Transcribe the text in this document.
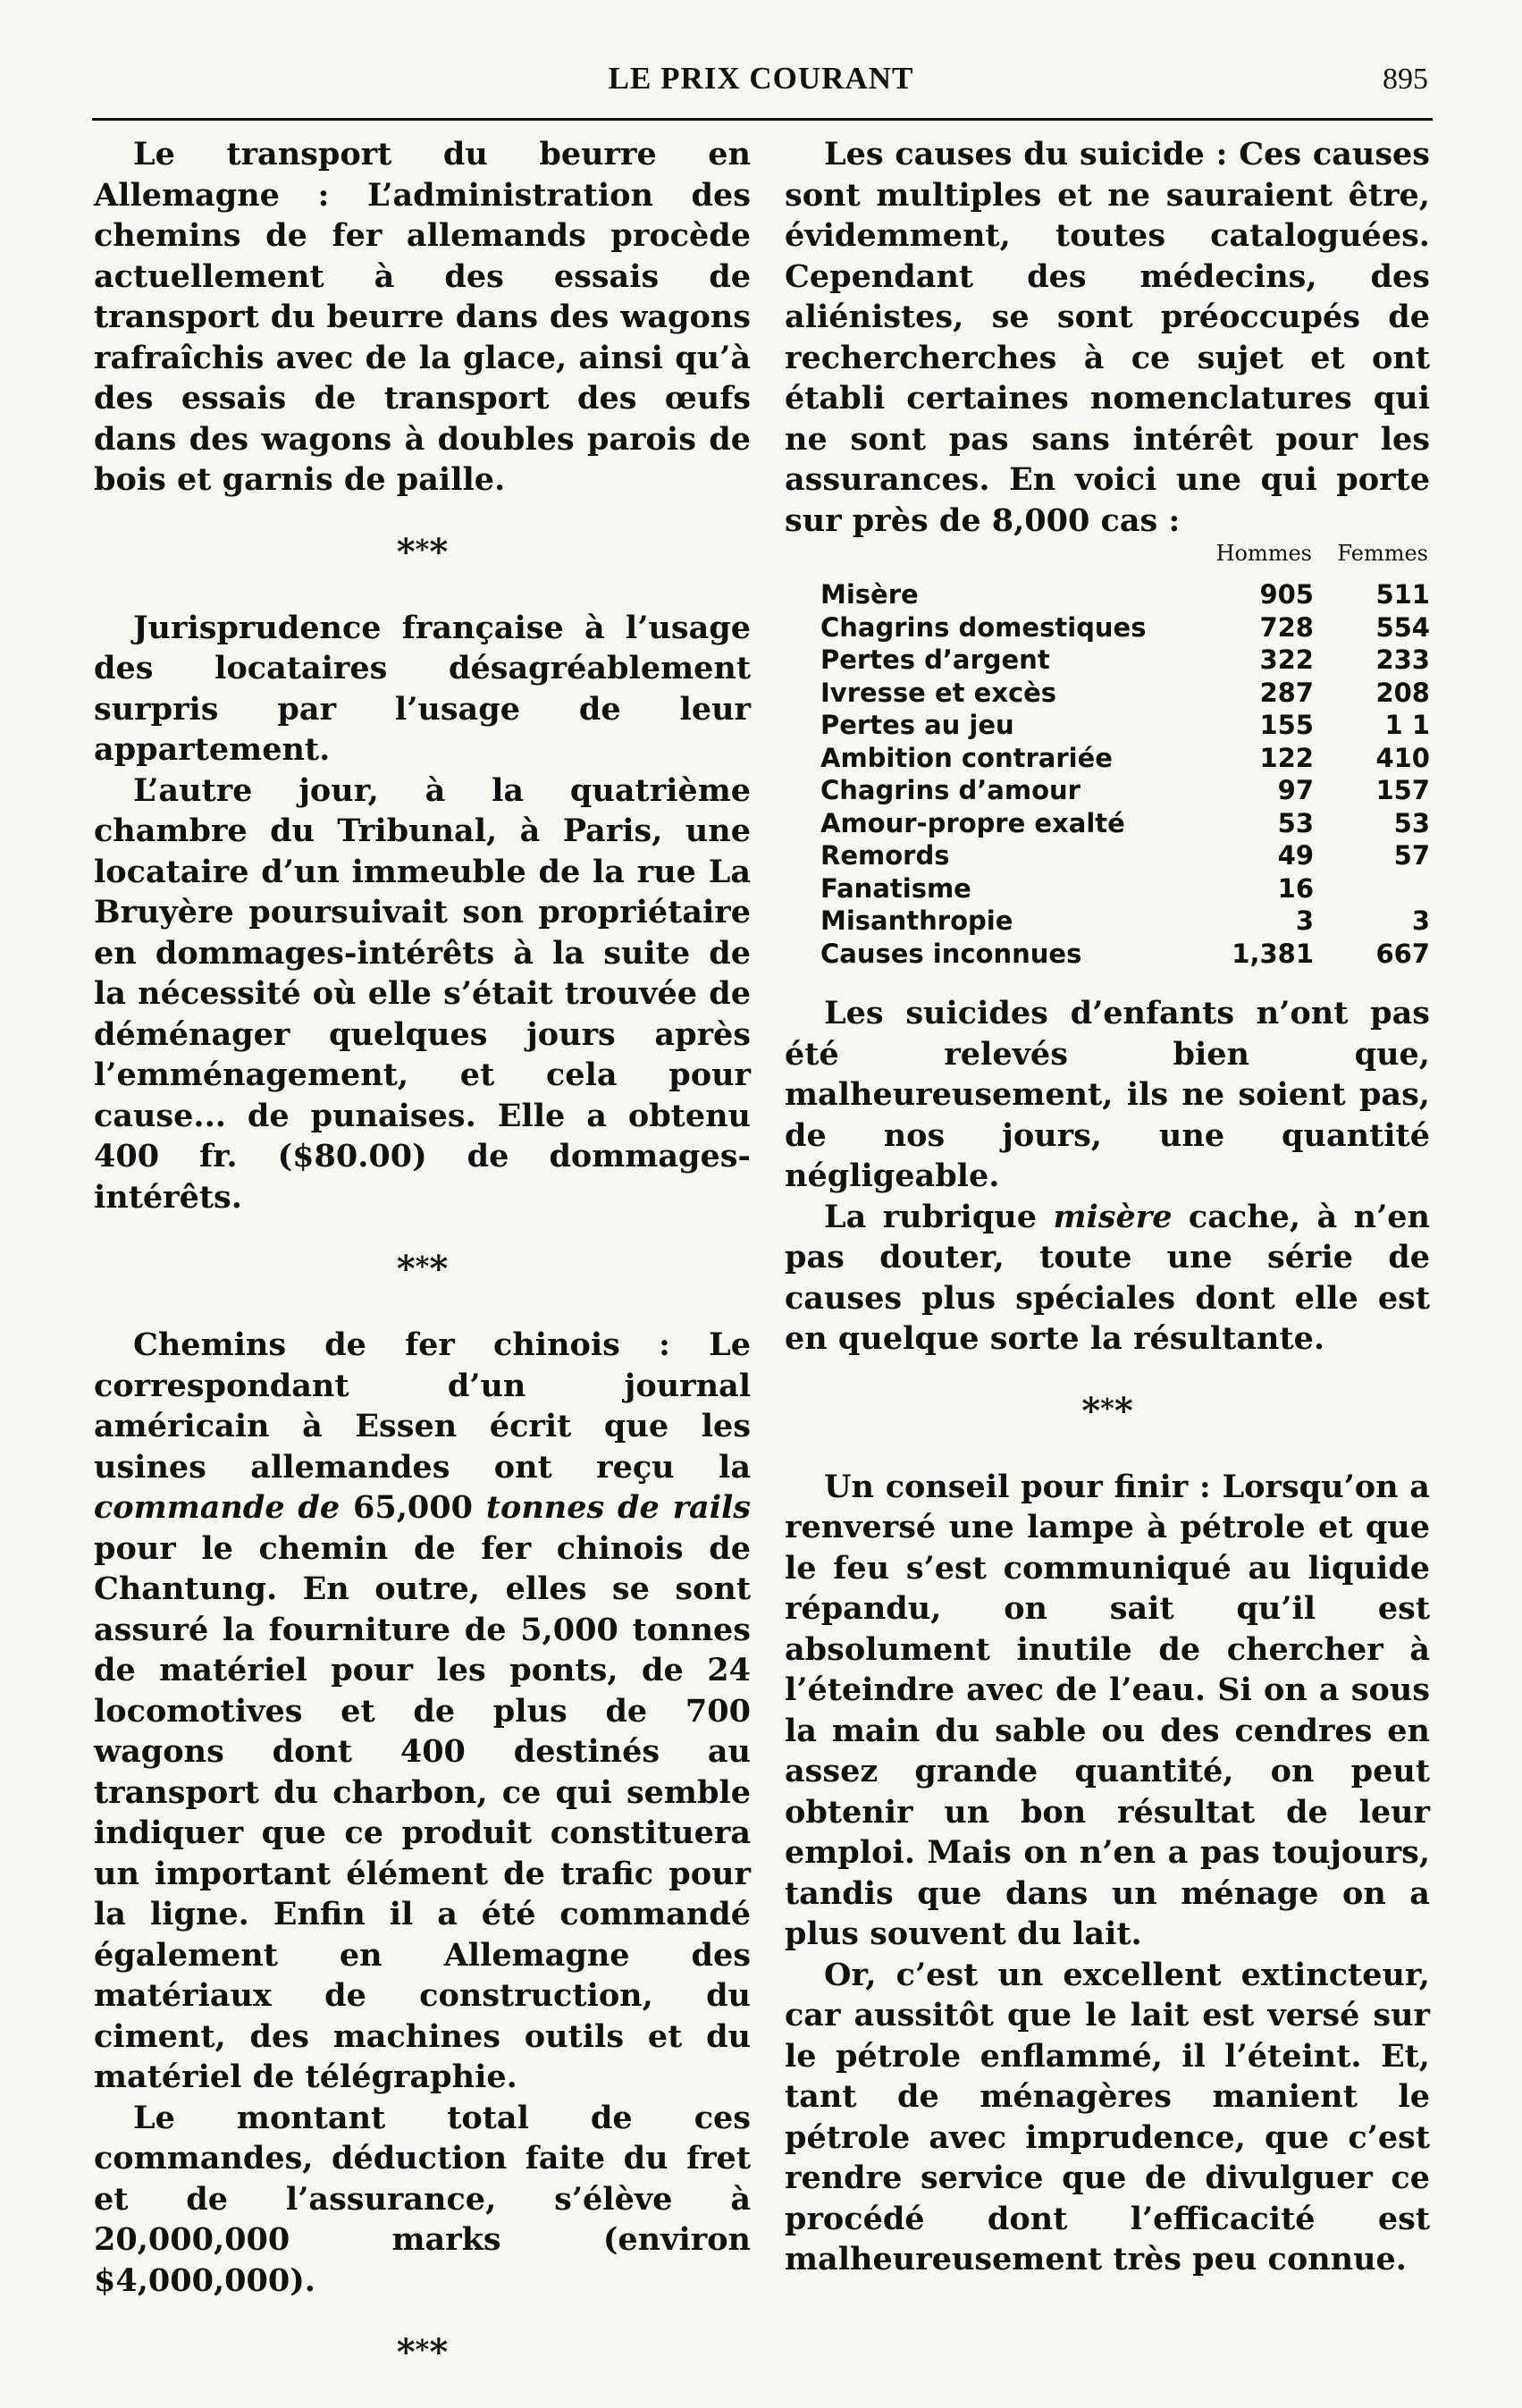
LE PRIX COURANT	895

Le transport du beurre en Allemagne : L’administration des chemins de fer allemands procède actuellement à des essais de transport du beurre dans des wagons rafraîchis avec de la glace, ainsi qu’à des essais de transport des œufs dans des wagons à doubles parois de bois et garnis de paille.

***

Jurisprudence française à l’usage des locataires désagréablement surpris par l’usage de leur appartement.

L’autre jour, à la quatrième chambre du Tribunal, à Paris, une locataire d’un immeuble de la rue La Bruyère poursuivait son propriétaire en dommages-intérêts à la suite de la nécessité où elle s’était trouvée de déménager quelques jours après l’emménagement, et cela pour cause... de punaises. Elle a obtenu 400 fr. ($80.00) de dommages-intérêts.

***

Chemins de fer chinois : Le correspondant d’un journal américain à Essen écrit que les usines allemandes ont reçu la commande de 65,000 tonnes de rails pour le chemin de fer chinois de Chantung. En outre, elles se sont assuré la fourniture de 5,000 tonnes de matériel pour les ponts, de 24 locomotives et de plus de 700 wagons dont 400 destinés au transport du charbon, ce qui semble indiquer que ce produit constituera un important élément de trafic pour la ligne. Enfin il a été commandé également en Allemagne des matériaux de construction, du ciment, des machines outils et du matériel de télégraphie.

Le montant total de ces commandes, déduction faite du fret et de l’assurance, s’élève à 20,000,000 marks (environ $4,000,000).

***

Les causes du suicide : Ces causes sont multiples et ne sauraient être, évidemment, toutes cataloguées. Cependant des médecins, des aliénistes, se sont préoccupés de rechercherches à ce sujet et ont établi certaines nomenclatures qui ne sont pas sans intérêt pour les assurances. En voici une qui porte sur près de 8,000 cas :

	Hommes	Femmes
Misère	905	511
Chagrins domestiques	728	554
Pertes d’argent	322	233
Ivresse et excès	287	208
Pertes au jeu	155	1 1
Ambition contrariée	122	410
Chagrins d’amour	97	157
Amour-propre exalté	53	53
Remords	49	57
Fanatisme	16	
Misanthropie	3	3
Causes inconnues	1,381	667

Les suicides d’enfants n’ont pas été relevés bien que, malheureusement, ils ne soient pas, de nos jours, une quantité négligeable.

La rubrique misère cache, à n’en pas douter, toute une série de causes plus spéciales dont elle est en quelque sorte la résultante.

***

Un conseil pour finir : Lorsqu’on a renversé une lampe à pétrole et que le feu s’est communiqué au liquide répandu, on sait qu’il est absolument inutile de chercher à l’éteindre avec de l’eau. Si on a sous la main du sable ou des cendres en assez grande quantité, on peut obtenir un bon résultat de leur emploi. Mais on n’en a pas toujours, tandis que dans un ménage on a plus souvent du lait.

Or, c’est un excellent extincteur, car aussitôt que le lait est versé sur le pétrole enflammé, il l’éteint. Et, tant de ménagères manient le pétrole avec imprudence, que c’est rendre service que de divulguer ce procédé dont l’efficacité est malheureusement très peu connue.
